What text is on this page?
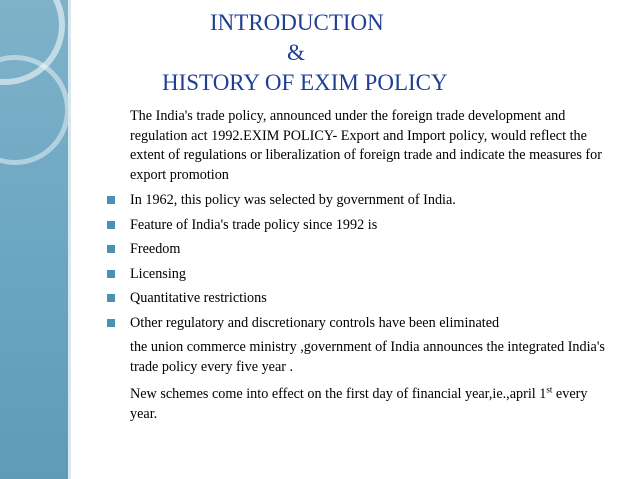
INTRODUCTION
&
HISTORY OF EXIM POLICY
The India's trade policy, announced under the foreign trade development and regulation act 1992.EXIM POLICY- Export and Import policy, would reflect the extent of regulations or liberalization of foreign trade and indicate the measures for export promotion
In 1962, this policy was selected by government of India.
Feature of India's trade policy since 1992 is
Freedom
Licensing
Quantitative restrictions
Other regulatory and discretionary controls have been eliminated
the union commerce ministry ,government of India announces the integrated India's trade policy every five year .
New schemes come into effect on the first day of financial year,ie.,april 1st every year.
